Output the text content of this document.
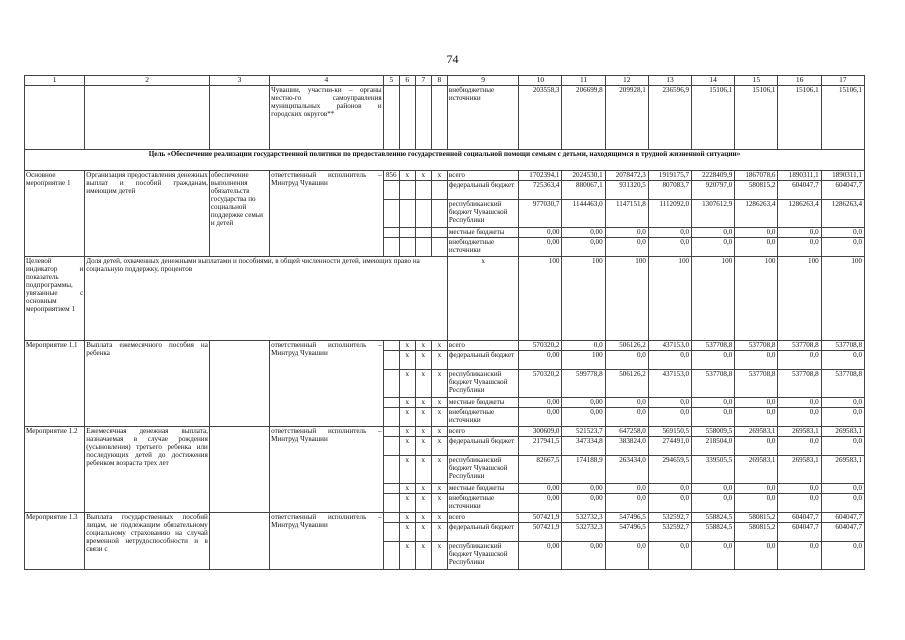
74
1	2	3	4	5	6	7	8	9	10	11	12	13	14	15	16	17
			Чувашии, участни-ки – органы местно-го самоуправления муниципальных районов и городских округов**					внебюджетные источники	203558,3	206699,8	209928,1	236596,9	15106,1	15106,1	15106,1	15106,1
Цель «Обеспечение реализации государственной политики по предоставлению государственной социальной помощи семьям с детьми, находящимся в трудной жизненной ситуации»																
Основное мероприятие 1	Организация предоставления денежных выплат и пособий гражданам, имеющим детей	обеспечение выполнения обязательств государства по социальной поддержке семьи и детей	ответственный исполнитель – Минтруд Чувашии	856	x	x	x	всего	1702394,1	2024530,1	2078472,3	1919175,7	2228409,9	1867078,6	1890311,1	1890311,1
								федеральный бюджет	725363,4	880067,1	931320,5	807083,7	920797,0	580815,2	604047,7	604047,7
								республиканский бюджет Чувашской Республики	977030,7	1144463,0	1147151,8	1112092,0	1307612,9	1286263,4	1286263,4	1286263,4
								местные бюджеты	0,00	0,00	0,0	0,0	0,0	0,0	0,0	0,0
								внебюджетные источники	0,00	0,00	0,0	0,0	0,0	0,0	0,0	0,0
Целевой индикатор и показатель подпрограммы, увязанные с основным мероприятием 1	Доля детей, охваченных денежными выплатами и пособиями, в общей численности детей, имеющих право на социальную поддержку, процентов							x	100	100	100	100	100	100	100	100
Мероприятие 1.1	Выплата ежемесячного пособия на ребенка		ответственный исполнитель – Минтруд Чувашии		x	x	x	всего	570320,2	0,0	506126,2	437153,0	537708,8	537708,8	537708,8	537708,8
					x	x	x	федеральный бюджет	0,00	100	0,0	0,0	0,0	0,0	0,0	0,0
					x	x	x	республиканский бюджет Чувашской Республики	570320,2	599778,8	506126,2	437153,0	537708,8	537708,8	537708,8	537708,8
					x	x	x	местные бюджеты	0,00	0,00	0,0	0,0	0,0	0,0	0,0	0,0
					x	x	x	внебюджетные источники	0,00	0,00	0,0	0,0	0,0	0,0	0,0	0,0
Мероприятие 1.2	Ежемесячная денежная выплата, назначаемая в случае рождения (усыновления) третьего ребенка или последующих детей до достижения ребенком возраста трех лет		ответственный исполнитель – Минтруд Чувашии		x	x	x	всего	300609,0	521523,7	647258,0	569150,5	558009,5	269583,1	269583,1	269583,1
					x	x	x	федеральный бюджет	217941,5	347334,8	383824,0	274491,0	218504,0	0,0	0,0	0,0
					x	x	x	республиканский бюджет Чувашской Республики	82667,5	174188,9	263434,0	294659,5	339505,5	269583,1	269583,1	269583,1
					x	x	x	местные бюджеты	0,00	0,00	0,0	0,0	0,0	0,0	0,0	0,0
					x	x	x	внебюджетные источники	0,00	0,00	0,0	0,0	0,0	0,0	0,0	0,0
Мероприятие 1.3	Выплата государственных пособий лицам, не подлежащим обязательному социальному страхованию на случай временной нетрудоспособности и в связи с		ответственный исполнитель – Минтруд Чувашии		x	x	x	всего	507421,9	532732,3	547496,5	532592,7	558824,5	580815,2	604047,7	604047,7
					x	x	x	федеральный бюджет	507421,9	532732,3	547496,5	532592,7	558824,5	580815,2	604047,7	604047,7
					x	x	x	республиканский бюджет Чувашской Республики	0,00	0,00	0,0	0,0	0,0	0,0	0,0	0,0
